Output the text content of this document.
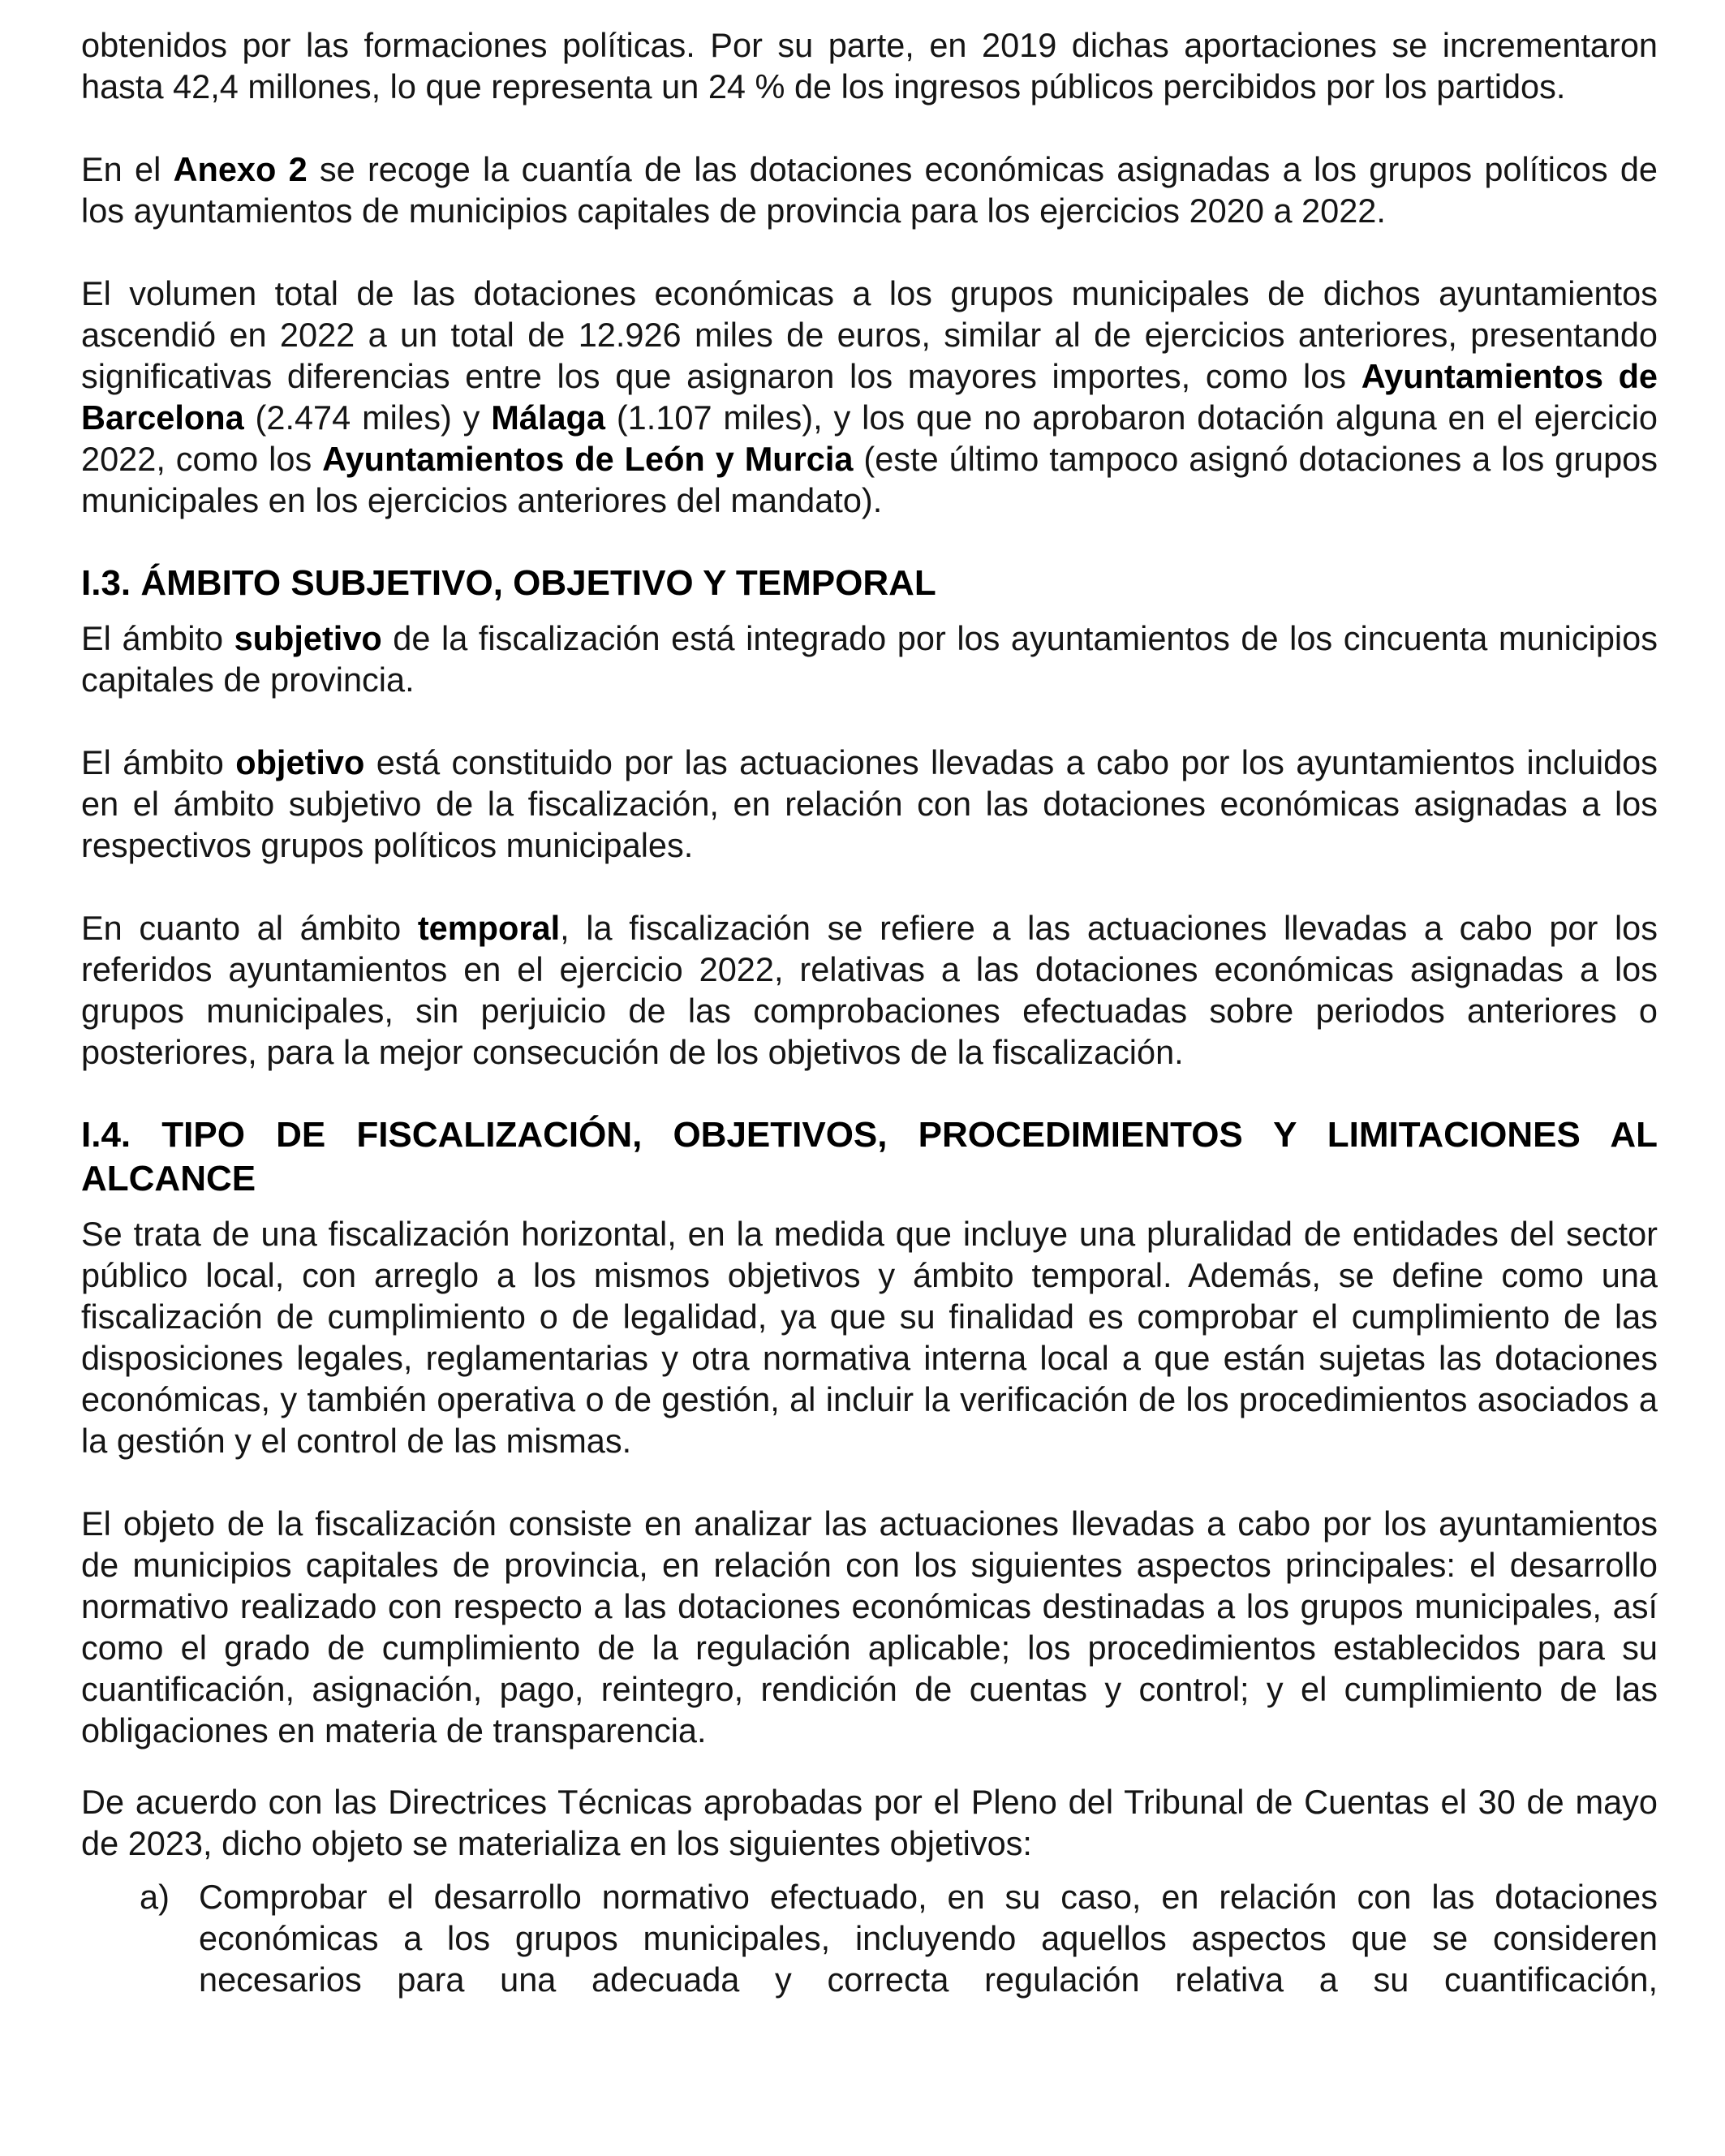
obtenidos por las formaciones políticas. Por su parte, en 2019 dichas aportaciones se incrementaron hasta 42,4 millones, lo que representa un 24 % de los ingresos públicos percibidos por los partidos.

En el Anexo 2 se recoge la cuantía de las dotaciones económicas asignadas a los grupos políticos de los ayuntamientos de municipios capitales de provincia para los ejercicios 2020 a 2022.

El volumen total de las dotaciones económicas a los grupos municipales de dichos ayuntamientos ascendió en 2022 a un total de 12.926 miles de euros, similar al de ejercicios anteriores, presentando significativas diferencias entre los que asignaron los mayores importes, como los Ayuntamientos de Barcelona (2.474 miles) y Málaga (1.107 miles), y los que no aprobaron dotación alguna en el ejercicio 2022, como los Ayuntamientos de León y Murcia (este último tampoco asignó dotaciones a los grupos municipales en los ejercicios anteriores del mandato).

I.3. ÁMBITO SUBJETIVO, OBJETIVO Y TEMPORAL

El ámbito subjetivo de la fiscalización está integrado por los ayuntamientos de los cincuenta municipios capitales de provincia.

El ámbito objetivo está constituido por las actuaciones llevadas a cabo por los ayuntamientos incluidos en el ámbito subjetivo de la fiscalización, en relación con las dotaciones económicas asignadas a los respectivos grupos políticos municipales.

En cuanto al ámbito temporal, la fiscalización se refiere a las actuaciones llevadas a cabo por los referidos ayuntamientos en el ejercicio 2022, relativas a las dotaciones económicas asignadas a los grupos municipales, sin perjuicio de las comprobaciones efectuadas sobre periodos anteriores o posteriores, para la mejor consecución de los objetivos de la fiscalización.

I.4. TIPO DE FISCALIZACIÓN, OBJETIVOS, PROCEDIMIENTOS Y LIMITACIONES AL ALCANCE

Se trata de una fiscalización horizontal, en la medida que incluye una pluralidad de entidades del sector público local, con arreglo a los mismos objetivos y ámbito temporal. Además, se define como una fiscalización de cumplimiento o de legalidad, ya que su finalidad es comprobar el cumplimiento de las disposiciones legales, reglamentarias y otra normativa interna local a que están sujetas las dotaciones económicas, y también operativa o de gestión, al incluir la verificación de los procedimientos asociados a la gestión y el control de las mismas.

El objeto de la fiscalización consiste en analizar las actuaciones llevadas a cabo por los ayuntamientos de municipios capitales de provincia, en relación con los siguientes aspectos principales: el desarrollo normativo realizado con respecto a las dotaciones económicas destinadas a los grupos municipales, así como el grado de cumplimiento de la regulación aplicable; los procedimientos establecidos para su cuantificación, asignación, pago, reintegro, rendición de cuentas y control; y el cumplimiento de las obligaciones en materia de transparencia.

De acuerdo con las Directrices Técnicas aprobadas por el Pleno del Tribunal de Cuentas el 30 de mayo de 2023, dicho objeto se materializa en los siguientes objetivos:

a) Comprobar el desarrollo normativo efectuado, en su caso, en relación con las dotaciones económicas a los grupos municipales, incluyendo aquellos aspectos que se consideren necesarios para una adecuada y correcta regulación relativa a su cuantificación,
